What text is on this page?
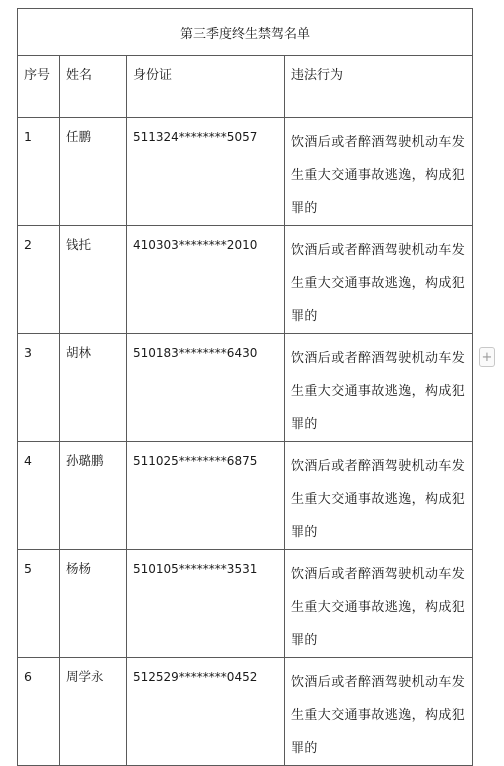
第三季度终生禁驾名单			
序号	姓名	身份证	违法行为

1	任鹏	511324********5057	饮酒后或者醉酒驾驶机动车发生重大交通事故逃逸，构成犯罪的

2	钱托	410303********2010	饮酒后或者醉酒驾驶机动车发生重大交通事故逃逸，构成犯罪的

3	胡林	510183********6430	饮酒后或者醉酒驾驶机动车发生重大交通事故逃逸，构成犯罪的

4	孙璐鹏	511025********6875	饮酒后或者醉酒驾驶机动车发生重大交通事故逃逸，构成犯罪的

5	杨杨	510105********3531	饮酒后或者醉酒驾驶机动车发生重大交通事故逃逸，构成犯罪的

6	周学永	512529********0452	饮酒后或者醉酒驾驶机动车发生重大交通事故逃逸，构成犯罪的
+
